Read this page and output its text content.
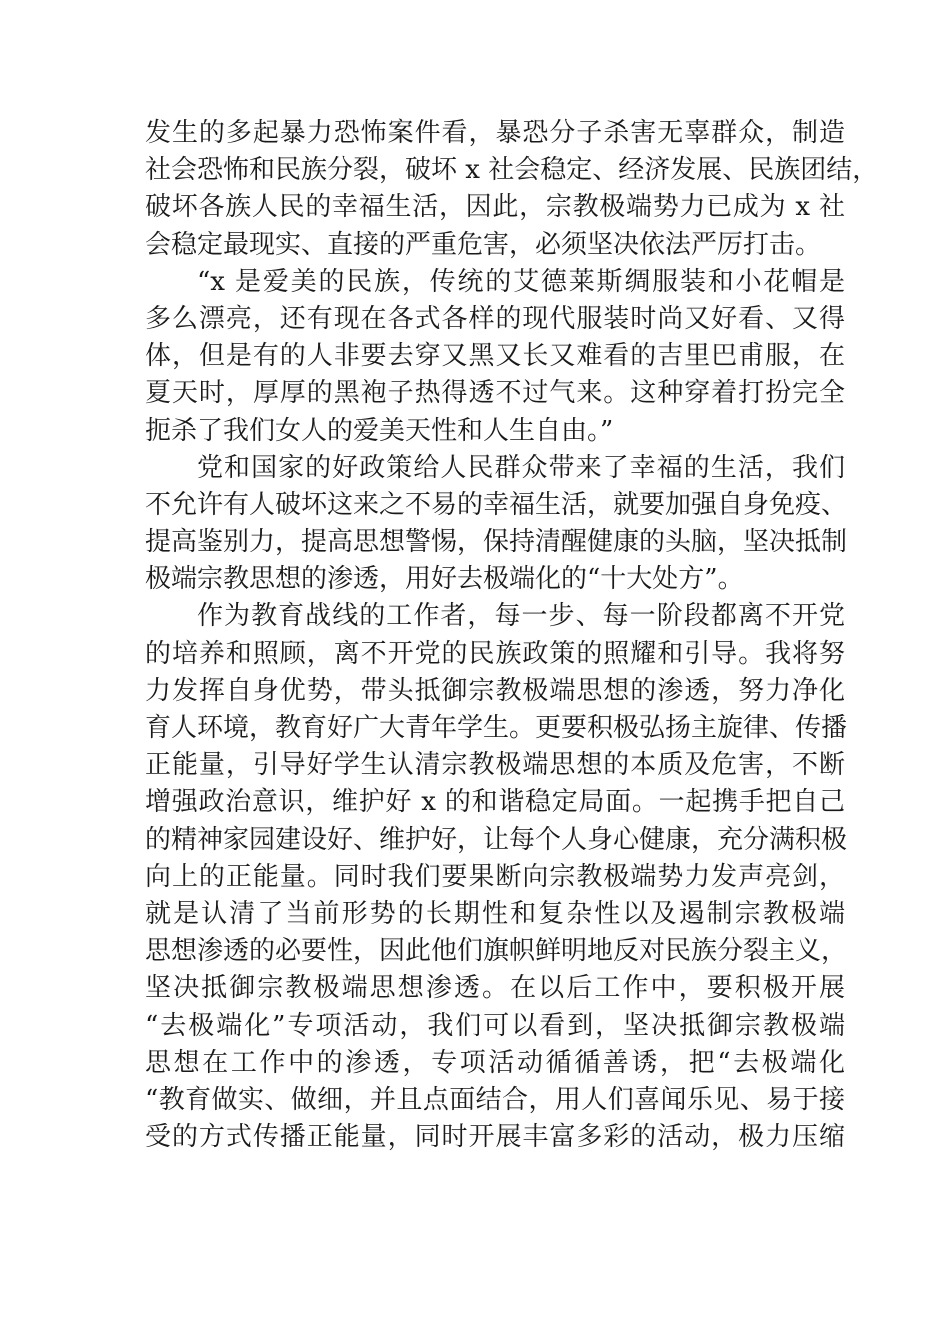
发生的多起暴力恐怖案件看，暴恐分子杀害无辜群众，制造
社会恐怖和民族分裂，破坏 x 社会稳定、经济发展、民族团结，
破坏各族人民的幸福生活，因此，宗教极端势力已成为 x 社
会稳定最现实、直接的严重危害，必须坚决依法严厉打击。
“x 是爱美的民族，传统的艾德莱斯绸服装和小花帽是
多么漂亮，还有现在各式各样的现代服装时尚又好看、又得
体，但是有的人非要去穿又黑又长又难看的吉里巴甫服，在
夏天时，厚厚的黑袍子热得透不过气来。这种穿着打扮完全
扼杀了我们女人的爱美天性和人生自由。”
党和国家的好政策给人民群众带来了幸福的生活，我们
不允许有人破坏这来之不易的幸福生活，就要加强自身免疫、
提高鉴别力，提高思想警惕，保持清醒健康的头脑，坚决抵制
极端宗教思想的渗透，用好去极端化的“十大处方”。
作为教育战线的工作者，每一步、每一阶段都离不开党
的培养和照顾，离不开党的民族政策的照耀和引导。我将努
力发挥自身优势，带头抵御宗教极端思想的渗透，努力净化
育人环境，教育好广大青年学生。更要积极弘扬主旋律、传播
正能量，引导好学生认清宗教极端思想的本质及危害，不断
增强政治意识，维护好 x 的和谐稳定局面。一起携手把自己
的精神家园建设好、维护好，让每个人身心健康，充分满积极
向上的正能量。同时我们要果断向宗教极端势力发声亮剑，
就是认清了当前形势的长期性和复杂性以及遏制宗教极端
思想渗透的必要性，因此他们旗帜鲜明地反对民族分裂主义，
坚决抵御宗教极端思想渗透。在以后工作中，要积极开展
“去极端化”专项活动，我们可以看到，坚决抵御宗教极端
思想在工作中的渗透，专项活动循循善诱，把“去极端化
“教育做实、做细，并且点面结合，用人们喜闻乐见、易于接
受的方式传播正能量，同时开展丰富多彩的活动，极力压缩
